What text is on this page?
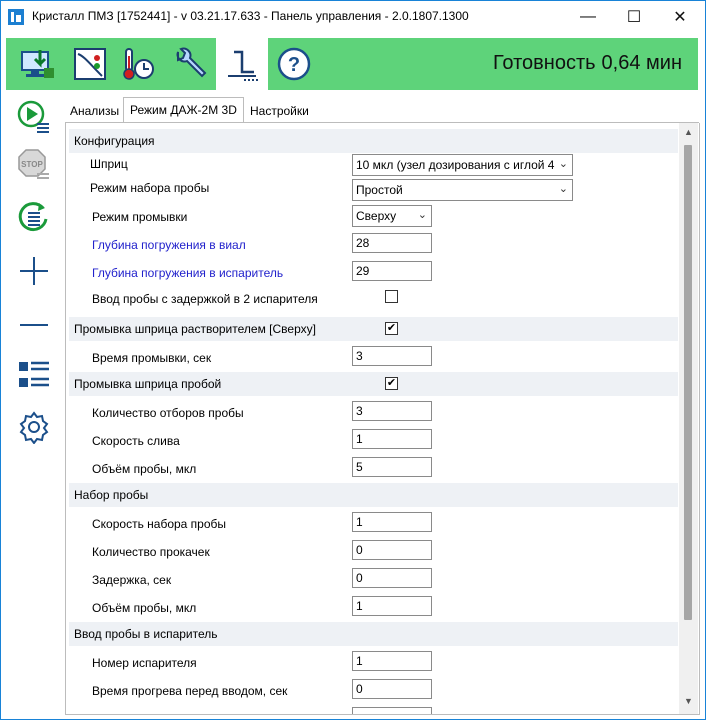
Кристалл ПМЗ [1752441] - v 03.21.17.633 - Панель управления - 2.0.1807.1300	—	☐	✕
?	Готовность 0,64 мин
STOP
Анализы Режим ДАЖ-2М 3D	Настройки
Конфигурация
Шприц	10 мкл (узел дозирования с иглой 4 ⌄
Режим набора пробы	Простой	⌄
Режим промывки	Сверху ⌄
Глубина погружения в виал	28
Глубина погружения в испаритель	29
Ввод пробы с задержкой в 2 испарителя
Промывка шприца растворителем [Сверху]	✔
Время промывки, сек	3
Промывка шприца пробой	✔
Количество отборов пробы	3
Скорость слива	1
Объём пробы, мкл	5
Набор пробы
Скорость набора пробы	1
Количество прокачек	0
Задержка, сек	0
Объём пробы, мкл	1
Ввод пробы в испаритель
Номер испарителя	1
Время прогрева перед вводом, сек	0
▲
▼
